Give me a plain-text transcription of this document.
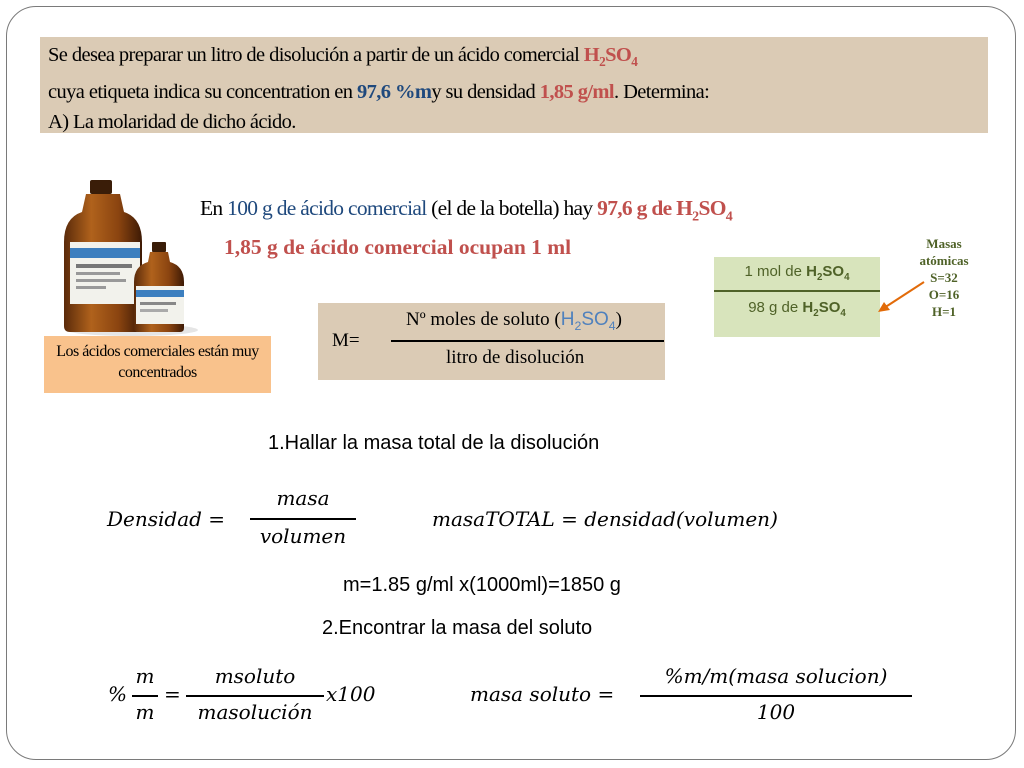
Se desea preparar un litro de disolución a partir de un ácido comercial $H_2SO_4$
cuya etiqueta indica su concentration en 97,6 %my su densidad 1,85 g/ml. Determina:
A) La molaridad de dicho ácido.
Los ácidos comerciales están muy concentrados
En 100 g de ácido comercial (el de la botella) hay 97,6 g de $H_2SO_4$
1,85 g de ácido comercial ocupan 1 ml
M=
Nº moles de soluto $(H_2SO_4)$
litro de disolución
1 mol de $H_2SO_4$
98 g de $H_2SO_4$
Masas
atómicas
S=32
O=16
H=1
1.Hallar la masa total de la disolución
Densidad =
masa
volumen
masaTOTAL = densidad(volumen)
m=1.85 g/ml x(1000ml)=1850 g
2.Encontrar la masa del soluto
%
m
m
=
msoluto
masolución
x100	masa soluto =
%m/m(masa solucion)
100
